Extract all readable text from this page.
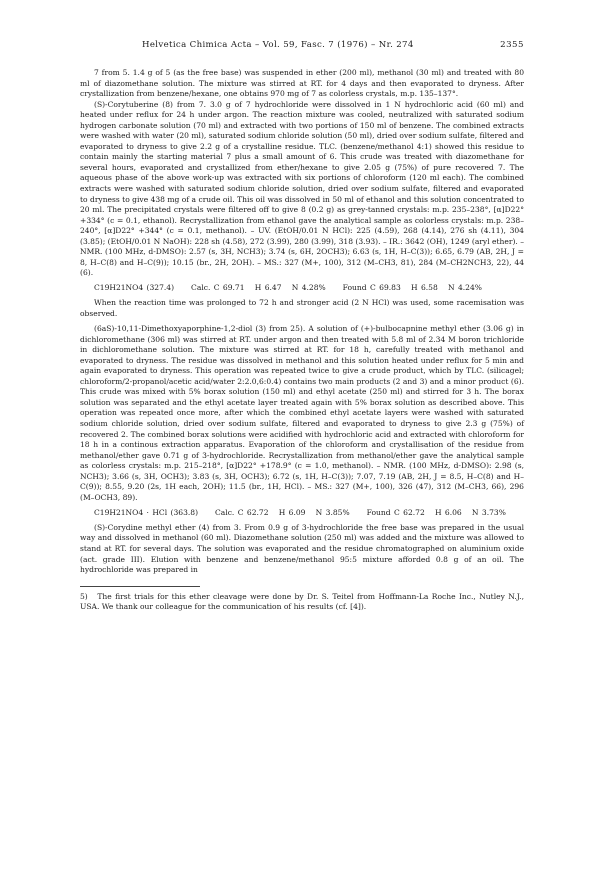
Helvetica Chimica Acta – Vol. 59, Fasc. 7 (1976) – Nr. 274	2355

7 from 5. 1.4 g of 5 (as the free base) was suspended in ether (200 ml), methanol (30 ml) and treated with 80 ml of diazomethane solution. The mixture was stirred at RT. for 4 days and then evaporated to dryness. After crystallization from benzene/hexane, one obtains 970 mg of 7 as colorless crystals, m.p. 135–137°.

(S)-Corytuberine (8) from 7. 3.0 g of 7 hydrochloride were dissolved in 1 N hydrochloric acid (60 ml) and heated under reflux for 24 h under argon. The reaction mixture was cooled, neutralized with saturated sodium hydrogen carbonate solution (70 ml) and extracted with two portions of 150 ml of benzene. The combined extracts were washed with water (20 ml), saturated sodium chloride solution (50 ml), dried over sodium sulfate, filtered and evaporated to dryness to give 2.2 g of a crystalline residue. TLC. (benzene/methanol 4:1) showed this residue to contain mainly the starting material 7 plus a small amount of 6. This crude was treated with diazomethane for several hours, evaporated and crystallized from ether/hexane to give 2.05 g (75%) of pure recovered 7. The aqueous phase of the above work-up was extracted with six portions of chloroform (120 ml each). The combined extracts were washed with saturated sodium chloride solution, dried over sodium sulfate, filtered and evaporated to dryness to give 438 mg of a crude oil. This oil was dissolved in 50 ml of ethanol and this solution concentrated to 20 ml. The precipitated crystals were filtered off to give 8 (0.2 g) as grey-tanned crystals: m.p. 235–238°, [α]D22° +334° (c = 0.1, ethanol). Recrystallization from ethanol gave the analytical sample as colorless crystals: m.p. 238–240°, [α]D22° +344° (c = 0.1, methanol). – UV. (EtOH/0.01 N HCl): 225 (4.59), 268 (4.14), 276 sh (4.11), 304 (3.85); (EtOH/0.01 N NaOH): 228 sh (4.58), 272 (3.99), 280 (3.99), 318 (3.93). – IR.: 3642 (OH), 1249 (aryl ether). – NMR. (100 MHz, d-DMSO): 2.57 (s, 3H, NCH3); 3.74 (s, 6H, 2OCH3); 6.63 (s, 1H, H–C(3)); 6.65, 6.79 (AB, 2H, J = 8, H–C(8) and H–C(9)); 10.15 (br., 2H, 2OH). – MS.: 327 (M+, 100), 312 (M–CH3, 81), 284 (M–CH2NCH3, 22), 44 (6).

C19H21NO4 (327.4)     Calc. C 69.71   H 6.47   N 4.28%     Found C 69.83   H 6.58   N 4.24%

When the reaction time was prolonged to 72 h and stronger acid (2 N HCl) was used, some racemisation was observed.

(6aS)-10,11-Dimethoxyaporphine-1,2-diol (3) from 25). A solution of (+)-bulbocapnine methyl ether (3.06 g) in dichloromethane (306 ml) was stirred at RT. under argon and then treated with 5.8 ml of 2.34 M boron trichloride in dichloromethane solution. The mixture was stirred at RT. for 18 h, carefully treated with methanol and evaporated to dryness. The residue was dissolved in methanol and this solution heated under reflux for 5 min and again evaporated to dryness. This operation was repeated twice to give a crude product, which by TLC. (silicagel; chloroform/2-propanol/acetic acid/water 2:2.0,6:0.4) contains two main products (2 and 3) and a minor product (6). This crude was mixed with 5% borax solution (150 ml) and ethyl acetate (250 ml) and stirred for 3 h. The borax solution was separated and the ethyl acetate layer treated again with 5% borax solution as described above. This operation was repeated once more, after which the combined ethyl acetate layers were washed with saturated sodium chloride solution, dried over sodium sulfate, filtered and evaporated to dryness to give 2.3 g (75%) of recovered 2. The combined borax solutions were acidified with hydrochloric acid and extracted with chloroform for 18 h in a continous extraction apparatus. Evaporation of the chloroform and crystallisation of the residue from methanol/ether gave 0.71 g of 3-hydrochloride. Recrystallization from methanol/ether gave the analytical sample as colorless crystals: m.p. 215–218°, [α]D22° +178.9° (c = 1.0, methanol). – NMR. (100 MHz, d-DMSO): 2.98 (s, NCH3); 3.66 (s, 3H, OCH3); 3.83 (s, 3H, OCH3); 6.72 (s, 1H, H–C(3)); 7.07, 7.19 (AB, 2H, J = 8.5, H–C(8) and H–C(9)); 8.55, 9.20 (2s, 1H each, 2OH); 11.5 (br., 1H, HCl). – MS.: 327 (M+, 100), 326 (47), 312 (M–CH3, 66), 296 (M–OCH3, 89).

C19H21NO4 · HCl (363.8)     Calc. C 62.72   H 6.09   N 3.85%     Found C 62.72   H 6.06   N 3.73%

(S)-Corydine methyl ether (4) from 3. From 0.9 g of 3-hydrochloride the free base was prepared in the usual way and dissolved in methanol (60 ml). Diazomethane solution (250 ml) was added and the mixture was allowed to stand at RT. for several days. The solution was evaporated and the residue chromatographed on aluminium oxide (act. grade III). Elution with benzene and benzene/methanol 95:5 mixture afforded 0.8 g of an oil. The hydrochloride was prepared in

5) The first trials for this ether cleavage were done by Dr. S. Teitel from Hoffmann-La Roche Inc., Nutley N.J., USA. We thank our colleague for the communication of his results (cf. [4]).
